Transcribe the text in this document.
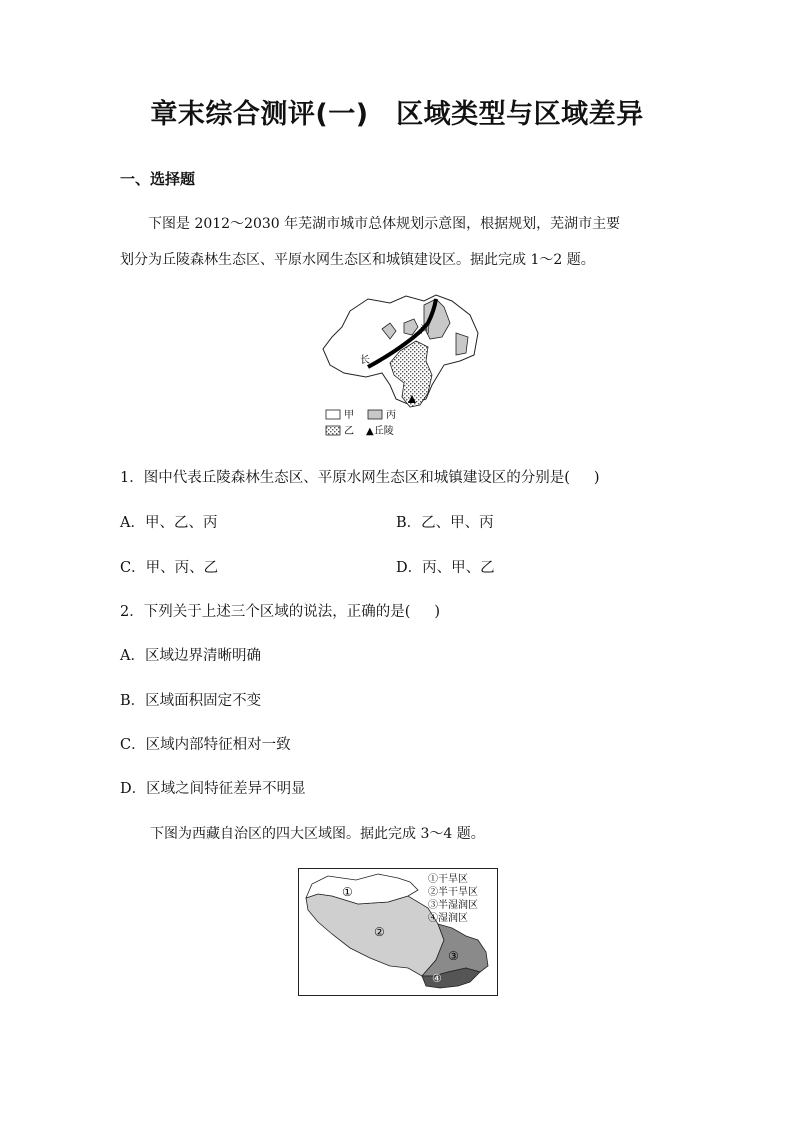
章末综合测评(一)　区域类型与区域差异
一、选择题
下图是 2012～2030 年芜湖市城市总体规划示意图，根据规划，芜湖市主要
划分为丘陵森林生态区、平原水网生态区和城镇建设区。据此完成 1～2 题。
河
长
甲	丙
乙 ▲丘陵
1．图中代表丘陵森林生态区、平原水网生态区和城镇建设区的分别是( )
A．甲、乙、丙	B．乙、甲、丙
C．甲、丙、乙	D．丙、甲、乙
2．下列关于上述三个区域的说法，正确的是( )
A．区域边界清晰明确
B．区域面积固定不变
C．区域内部特征相对一致
D．区域之间特征差异不明显
下图为西藏自治区的四大区域图。据此完成 3～4 题。
①
②
③
④
①干旱区
②半干旱区
③半湿润区
④湿润区
